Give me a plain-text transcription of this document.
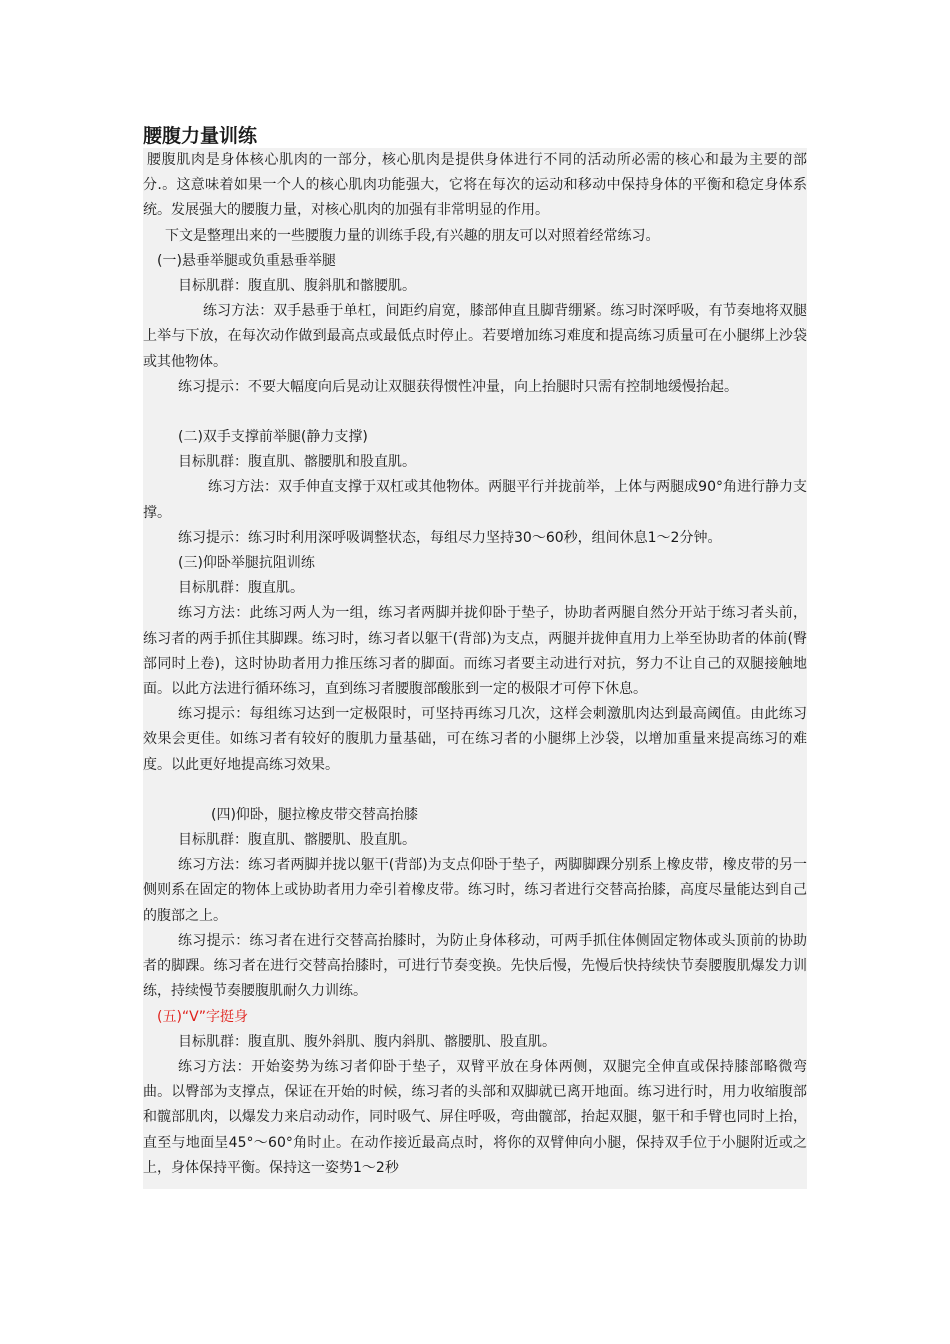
腰腹力量训练

腰腹肌肉是身体核心肌肉的一部分，核心肌肉是提供身体进行不同的活动所必需的核心和最为主要的部分.。这意味着如果一个人的核心肌肉功能强大，它将在每次的运动和移动中保持身体的平衡和稳定身体系统。发展强大的腰腹力量，对核心肌肉的加强有非常明显的作用。

下文是整理出来的一些腰腹力量的训练手段,有兴趣的朋友可以对照着经常练习。

(一)悬垂举腿或负重悬垂举腿

目标肌群：腹直肌、腹斜肌和髂腰肌。

练习方法：双手悬垂于单杠，间距约肩宽，膝部伸直且脚背绷紧。练习时深呼吸，有节奏地将双腿上举与下放，在每次动作做到最高点或最低点时停止。若要增加练习难度和提高练习质量可在小腿绑上沙袋或其他物体。

练习提示：不要大幅度向后晃动让双腿获得惯性冲量，向上抬腿时只需有控制地缓慢抬起。

(二)双手支撑前举腿(静力支撑)

目标肌群：腹直肌、髂腰肌和股直肌。

练习方法：双手伸直支撑于双杠或其他物体。两腿平行并拢前举，上体与两腿成90°角进行静力支撑。

练习提示：练习时利用深呼吸调整状态，每组尽力坚持30～60秒，组间休息1～2分钟。

(三)仰卧举腿抗阻训练

目标肌群：腹直肌。

练习方法：此练习两人为一组，练习者两脚并拢仰卧于垫子，协助者两腿自然分开站于练习者头前，练习者的两手抓住其脚踝。练习时，练习者以躯干(背部)为支点，两腿并拢伸直用力上举至协助者的体前(臀部同时上卷)，这时协助者用力推压练习者的脚面。而练习者要主动进行对抗，努力不让自己的双腿接触地面。以此方法进行循环练习，直到练习者腰腹部酸胀到一定的极限才可停下休息。

练习提示：每组练习达到一定极限时，可坚持再练习几次，这样会刺激肌肉达到最高阈值。由此练习效果会更佳。如练习者有较好的腹肌力量基础，可在练习者的小腿绑上沙袋，以增加重量来提高练习的难度。以此更好地提高练习效果。

(四)仰卧，腿拉橡皮带交替高抬膝

目标肌群：腹直肌、髂腰肌、股直肌。

练习方法：练习者两脚并拢以躯干(背部)为支点仰卧于垫子，两脚脚踝分别系上橡皮带，橡皮带的另一侧则系在固定的物体上或协助者用力牵引着橡皮带。练习时，练习者进行交替高抬膝，高度尽量能达到自己的腹部之上。

练习提示：练习者在进行交替高抬膝时，为防止身体移动，可两手抓住体侧固定物体或头顶前的协助者的脚踝。练习者在进行交替高抬膝时，可进行节奏变换。先快后慢，先慢后快持续快节奏腰腹肌爆发力训练，持续慢节奏腰腹肌耐久力训练。

(五)“V”字挺身

目标肌群：腹直肌、腹外斜肌、腹内斜肌、髂腰肌、股直肌。

练习方法：开始姿势为练习者仰卧于垫子，双臂平放在身体两侧，双腿完全伸直或保持膝部略微弯曲。以臀部为支撑点，保证在开始的时候，练习者的头部和双脚就已离开地面。练习进行时，用力收缩腹部和髋部肌肉，以爆发力来启动动作，同时吸气、屏住呼吸，弯曲髋部，抬起双腿，躯干和手臂也同时上抬，直至与地面呈45°～60°角时止。在动作接近最高点时，将你的双臂伸向小腿，保持双手位于小腿附近或之上，身体保持平衡。保持这一姿势1～2秒
